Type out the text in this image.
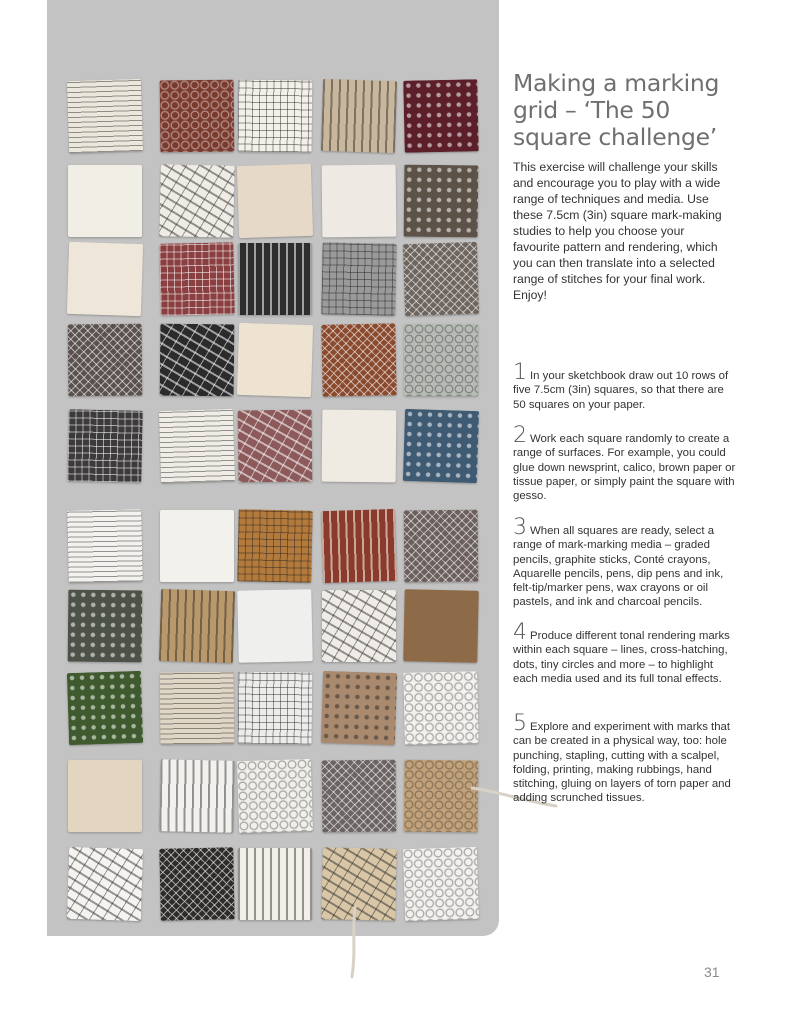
Making a marking grid – ‘The 50 square challenge’

This exercise will challenge your skills and encourage you to play with a wide range of techniques and media. Use these 7.5cm (3in) square mark-making studies to help you choose your favourite pattern and rendering, which you can then translate into a selected range of stitches for your final work. Enjoy!

1 In your sketchbook draw out 10 rows of five 7.5cm (3in) squares, so that there are 50 squares on your paper.
2 Work each square randomly to create a range of surfaces. For example, you could glue down newsprint, calico, brown paper or tissue paper, or simply paint the square with gesso.
3 When all squares are ready, select a range of mark-marking media – graded pencils, graphite sticks, Conté crayons, Aquarelle pencils, pens, dip pens and ink, felt-tip/marker pens, wax crayons or oil pastels, and ink and charcoal pencils.
4 Produce different tonal rendering marks within each square – lines, cross-hatching, dots, tiny circles and more – to highlight each media used and its full tonal effects.
5 Explore and experiment with marks that can be created in a physical way, too: hole punching, stapling, cutting with a scalpel, folding, printing, making rubbings, hand stitching, gluing on layers of torn paper and adding scrunched tissues.
31
